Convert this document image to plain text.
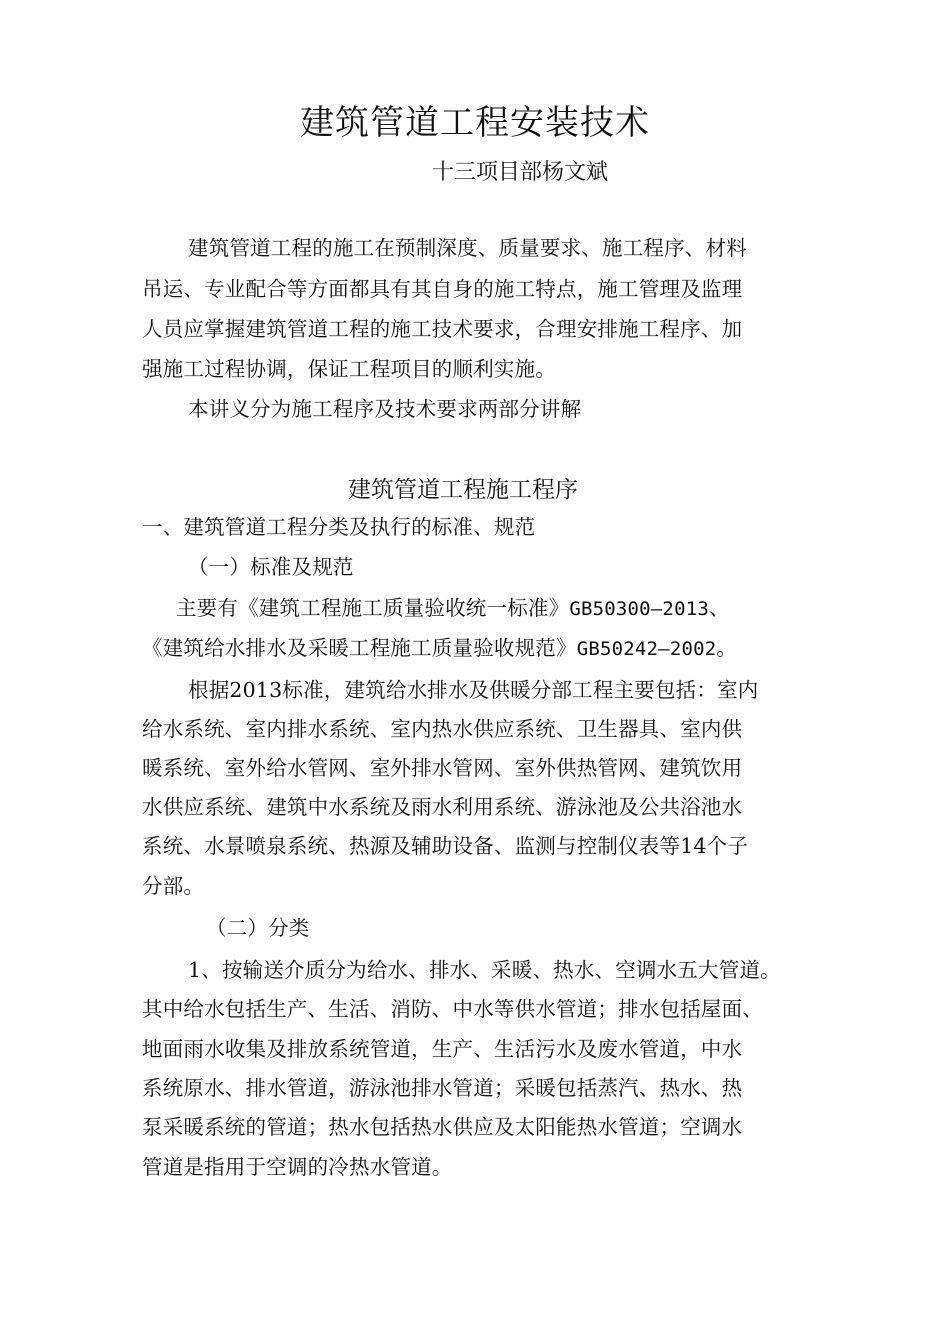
建筑管道工程安装技术
十三项目部杨文斌
建筑管道工程的施工在预制深度、质量要求、施工程序、材料
吊运、专业配合等方面都具有其自身的施工特点，施工管理及监理
人员应掌握建筑管道工程的施工技术要求，合理安排施工程序、加
强施工过程协调，保证工程项目的顺利实施。
本讲义分为施工程序及技术要求两部分讲解
建筑管道工程施工程序
一、建筑管道工程分类及执行的标准、规范
（一）标准及规范
主要有《建筑工程施工质量验收统一标准》GB50300—2013、
《建筑给水排水及采暖工程施工质量验收规范》GB50242—2002。
根据2013标准，建筑给水排水及供暖分部工程主要包括：室内
给水系统、室内排水系统、室内热水供应系统、卫生器具、室内供
暖系统、室外给水管网、室外排水管网、室外供热管网、建筑饮用
水供应系统、建筑中水系统及雨水利用系统、游泳池及公共浴池水
系统、水景喷泉系统、热源及辅助设备、监测与控制仪表等14个子
分部。
（二）分类
1、按输送介质分为给水、排水、采暖、热水、空调水五大管道。
其中给水包括生产、生活、消防、中水等供水管道；排水包括屋面、
地面雨水收集及排放系统管道，生产、生活污水及废水管道，中水
系统原水、排水管道，游泳池排水管道；采暖包括蒸汽、热水、热
泵采暖系统的管道；热水包括热水供应及太阳能热水管道；空调水
管道是指用于空调的冷热水管道。
